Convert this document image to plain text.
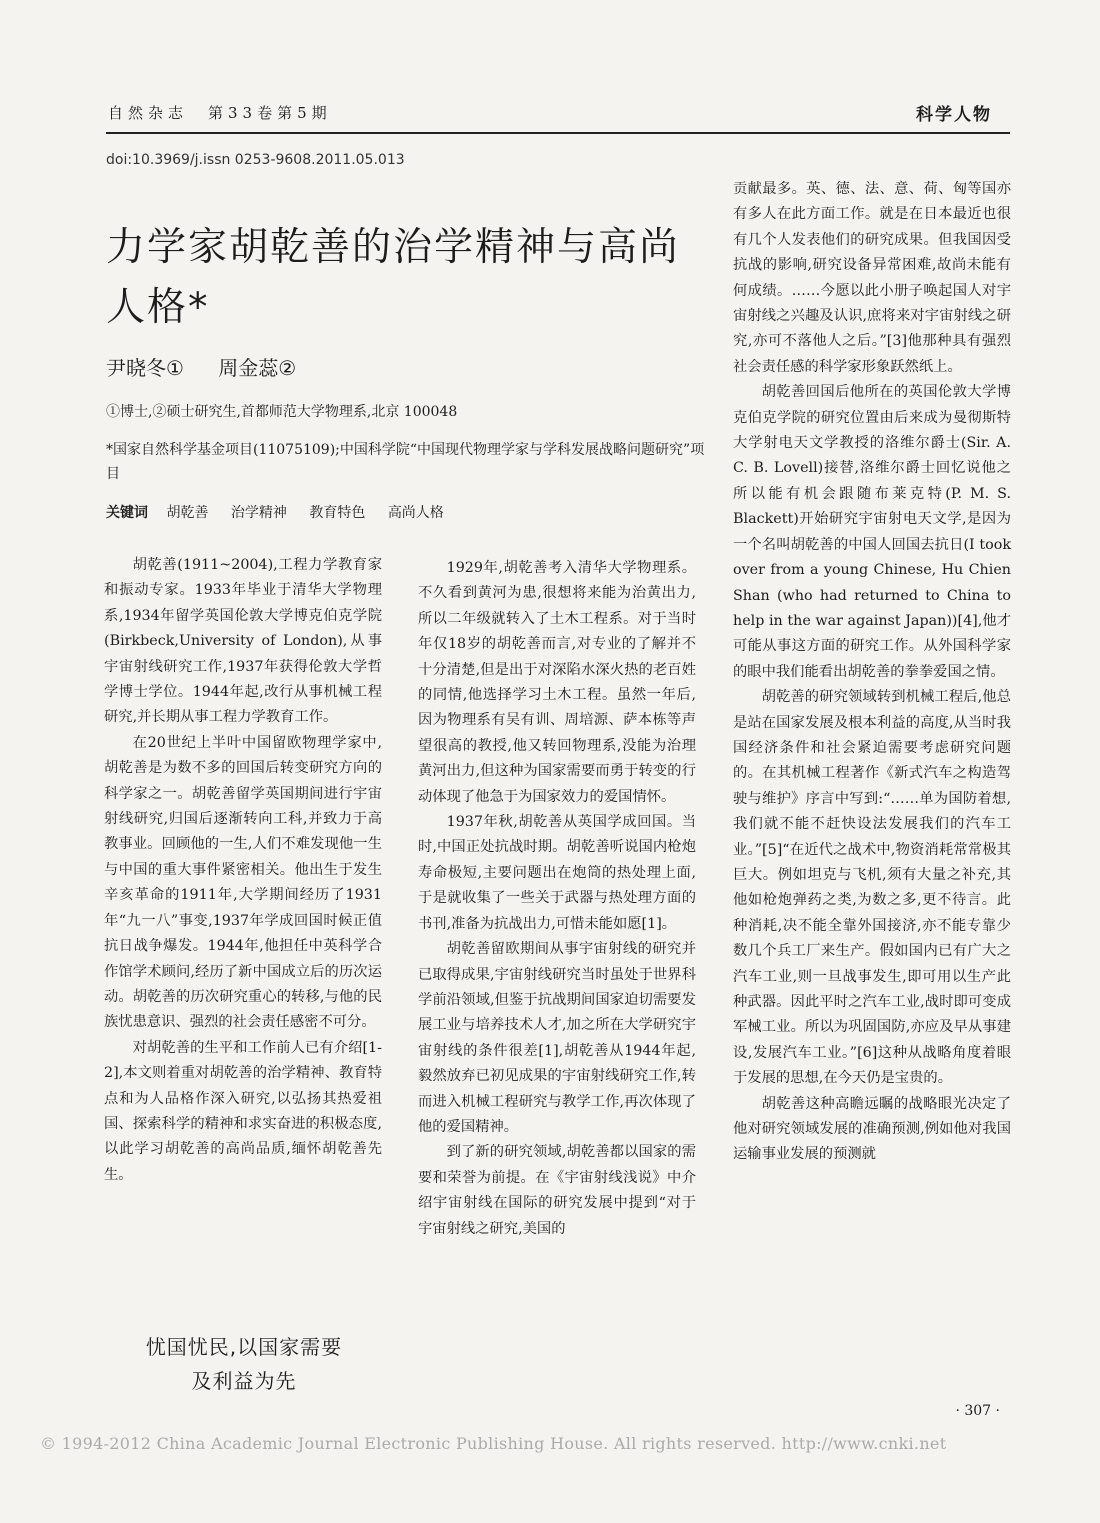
自然杂志　第33卷第5期	科学人物
doi:10.3969/j.issn 0253-9608.2011.05.013
力学家胡乾善的治学精神与高尚人格*
尹晓冬① 周金蕊②
①博士,②硕士研究生,首都师范大学物理系,北京 100048
*国家自然科学基金项目(11075109);中国科学院“中国现代物理学家与学科发展战略问题研究”项目
关键词 胡乾善 治学精神 教育特色 高尚人格

胡乾善(1911~2004),工程力学教育家和振动专家。1933年毕业于清华大学物理系,1934年留学英国伦敦大学博克伯克学院(Birkbeck,University of London),从事宇宙射线研究工作,1937年获得伦敦大学哲学博士学位。1944年起,改行从事机械工程研究,并长期从事工程力学教育工作。

在20世纪上半叶中国留欧物理学家中,胡乾善是为数不多的回国后转变研究方向的科学家之一。胡乾善留学英国期间进行宇宙射线研究,归国后逐渐转向工科,并致力于高教事业。回顾他的一生,人们不难发现他一生与中国的重大事件紧密相关。他出生于发生辛亥革命的1911年,大学期间经历了1931年“九一八”事变,1937年学成回国时候正值抗日战争爆发。1944年,他担任中英科学合作馆学术顾问,经历了新中国成立后的历次运动。胡乾善的历次研究重心的转移,与他的民族忧患意识、强烈的社会责任感密不可分。

对胡乾善的生平和工作前人已有介绍[1-2],本文则着重对胡乾善的治学精神、教育特点和为人品格作深入研究,以弘扬其热爱祖国、探索科学的精神和求实奋进的积极态度,以此学习胡乾善的高尚品质,缅怀胡乾善先生。

忧国忧民,以国家需要
及利益为先

1929年,胡乾善考入清华大学物理系。不久看到黄河为患,很想将来能为治黄出力,所以二年级就转入了土木工程系。对于当时年仅18岁的胡乾善而言,对专业的了解并不十分清楚,但是出于对深陷水深火热的老百姓的同情,他选择学习土木工程。虽然一年后,因为物理系有吴有训、周培源、萨本栋等声望很高的教授,他又转回物理系,没能为治理黄河出力,但这种为国家需要而勇于转变的行动体现了他急于为国家效力的爱国情怀。

1937年秋,胡乾善从英国学成回国。当时,中国正处抗战时期。胡乾善听说国内枪炮寿命极短,主要问题出在炮筒的热处理上面,于是就收集了一些关于武器与热处理方面的书刊,准备为抗战出力,可惜未能如愿[1]。

胡乾善留欧期间从事宇宙射线的研究并已取得成果,宇宙射线研究当时虽处于世界科学前沿领域,但鉴于抗战期间国家迫切需要发展工业与培养技术人才,加之所在大学研究宇宙射线的条件很差[1],胡乾善从1944年起,毅然放弃已初见成果的宇宙射线研究工作,转而进入机械工程研究与教学工作,再次体现了他的爱国精神。

到了新的研究领域,胡乾善都以国家的需要和荣誉为前提。在《宇宙射线浅说》中介绍宇宙射线在国际的研究发展中提到“对于宇宙射线之研究,美国的

贡献最多。英、德、法、意、荷、匈等国亦有多人在此方面工作。就是在日本最近也很有几个人发表他们的研究成果。但我国因受抗战的影响,研究设备异常困难,故尚未能有何成绩。……今愿以此小册子唤起国人对宇宙射线之兴趣及认识,庶将来对宇宙射线之研究,亦可不落他人之后。”[3]他那种具有强烈社会责任感的科学家形象跃然纸上。

胡乾善回国后他所在的英国伦敦大学博克伯克学院的研究位置由后来成为曼彻斯特大学射电天文学教授的洛维尔爵士(Sir. A. C. B. Lovell)接替,洛维尔爵士回忆说他之所以能有机会跟随布莱克特(P. M. S. Blackett)开始研究宇宙射电天文学,是因为一个名叫胡乾善的中国人回国去抗日(I took over from a young Chinese, Hu Chien Shan (who had returned to China to help in the war against Japan))[4],他才可能从事这方面的研究工作。从外国科学家的眼中我们能看出胡乾善的拳拳爱国之情。

胡乾善的研究领域转到机械工程后,他总是站在国家发展及根本利益的高度,从当时我国经济条件和社会紧迫需要考虑研究问题的。在其机械工程著作《新式汽车之构造驾驶与维护》序言中写到:“……单为国防着想,我们就不能不赶快设法发展我们的汽车工业。”[5]“在近代之战术中,物资消耗常常极其巨大。例如坦克与飞机,须有大量之补充,其他如枪炮弹药之类,为数之多,更不待言。此种消耗,决不能全靠外国接济,亦不能专靠少数几个兵工厂来生产。假如国内已有广大之汽车工业,则一旦战事发生,即可用以生产此种武器。因此平时之汽车工业,战时即可变成军械工业。所以为巩固国防,亦应及早从事建设,发展汽车工业。”[6]这种从战略角度着眼于发展的思想,在今天仍是宝贵的。

胡乾善这种高瞻远瞩的战略眼光决定了他对研究领域发展的准确预测,例如他对我国运输事业发展的预测就

· 307 ·
© 1994-2012 China Academic Journal Electronic Publishing House. All rights reserved. http://www.cnki.net
